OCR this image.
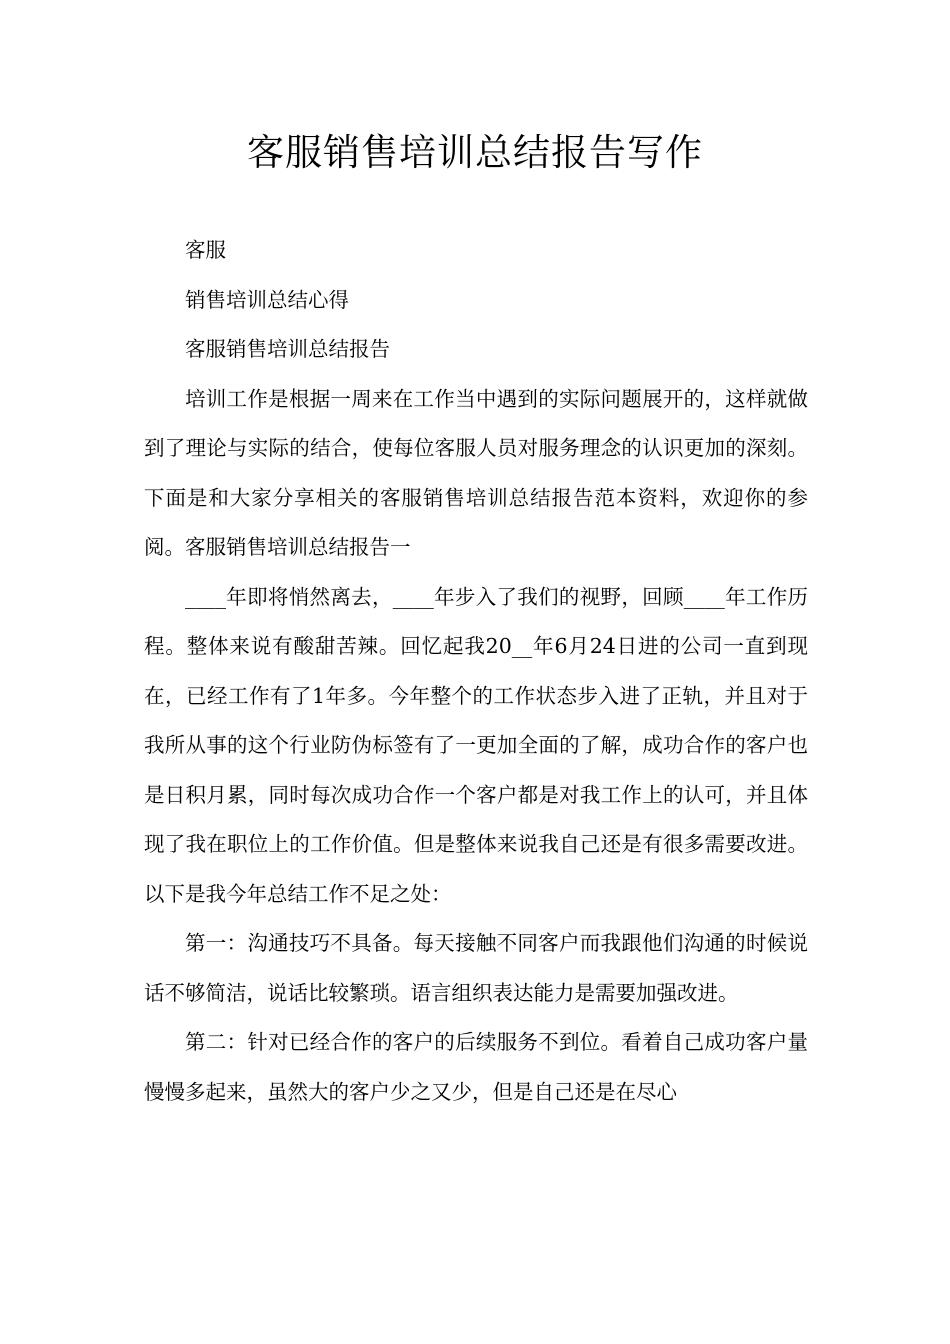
客服销售培训总结报告写作

客服

销售培训总结心得

客服销售培训总结报告

培训工作是根据一周来在工作当中遇到的实际问题展开的，这样就做到了理论与实际的结合，使每位客服人员对服务理念的认识更加的深刻。下面是和大家分享相关的客服销售培训总结报告范本资料，欢迎你的参阅。客服销售培训总结报告一

____年即将悄然离去，____年步入了我们的视野，回顾____年工作历程。整体来说有酸甜苦辣。回忆起我20__年6月24日进的公司一直到现在，已经工作有了1年多。今年整个的工作状态步入进了正轨，并且对于我所从事的这个行业防伪标签有了一更加全面的了解，成功合作的客户也是日积月累，同时每次成功合作一个客户都是对我工作上的认可，并且体现了我在职位上的工作价值。但是整体来说我自己还是有很多需要改进。以下是我今年总结工作不足之处：

第一：沟通技巧不具备。每天接触不同客户而我跟他们沟通的时候说话不够简洁，说话比较繁琐。语言组织表达能力是需要加强改进。

第二：针对已经合作的客户的后续服务不到位。看着自己成功客户量慢慢多起来，虽然大的客户少之又少，但是自己还是在尽心
